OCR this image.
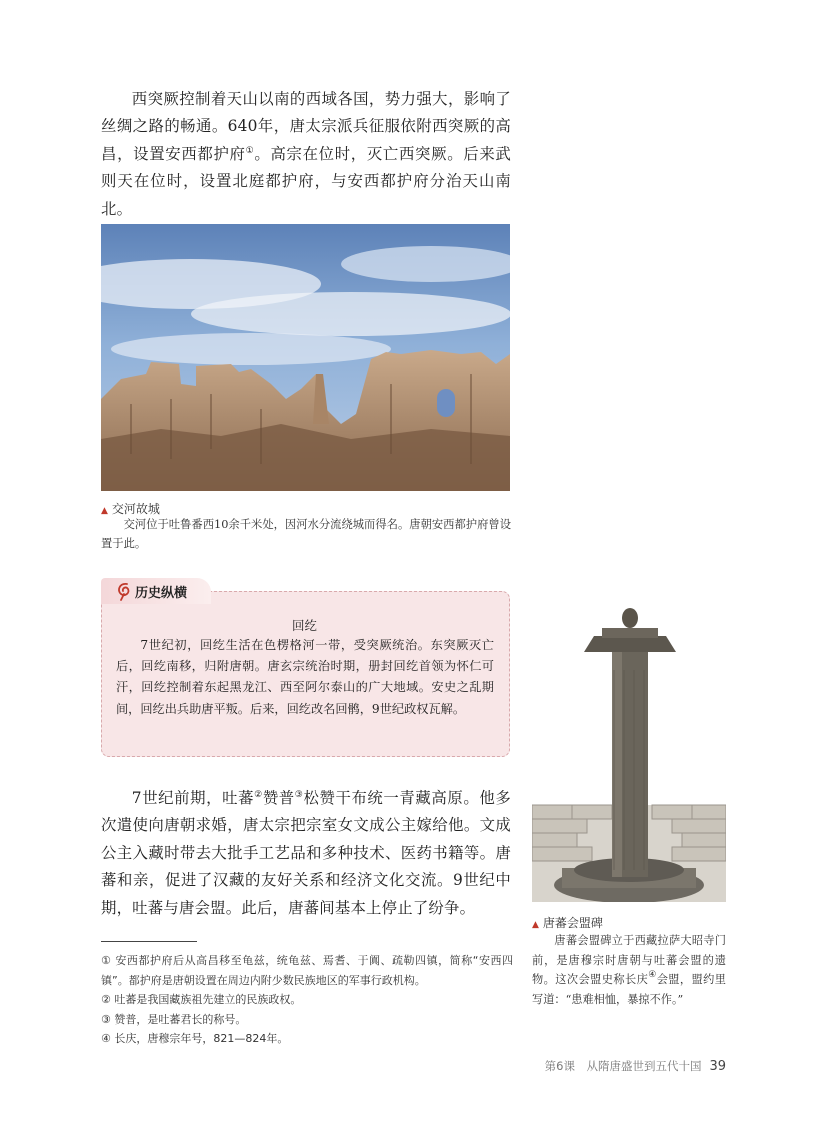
西突厥控制着天山以南的西域各国，势力强大，影响了丝绸之路的畅通。640年，唐太宗派兵征服依附西突厥的高昌，设置安西都护府①。高宗在位时，灭亡西突厥。后来武则天在位时，设置北庭都护府，与安西都护府分治天山南北。
▲ 交河故城
交河位于吐鲁番西10余千米处，因河水分流绕城而得名。唐朝安西都护府曾设置于此。
历史纵横
回纥
7世纪初，回纥生活在色楞格河一带，受突厥统治。东突厥灭亡后，回纥南移，归附唐朝。唐玄宗统治时期，册封回纥首领为怀仁可汗，回纥控制着东起黑龙江、西至阿尔泰山的广大地域。安史之乱期间，回纥出兵助唐平叛。后来，回纥改名回鹘，9世纪政权瓦解。
7世纪前期，吐蕃②赞普③松赞干布统一青藏高原。他多次遣使向唐朝求婚，唐太宗把宗室女文成公主嫁给他。文成公主入藏时带去大批手工艺品和多种技术、医药书籍等。唐蕃和亲，促进了汉藏的友好关系和经济文化交流。9世纪中期，吐蕃与唐会盟。此后，唐蕃间基本上停止了纷争。
① 安西都护府后从高昌移至龟兹，统龟兹、焉耆、于阗、疏勒四镇，简称“安西四镇”。都护府是唐朝设置在周边内附少数民族地区的军事行政机构。
② 吐蕃是我国藏族祖先建立的民族政权。
③ 赞普，是吐蕃君长的称号。
④ 长庆，唐穆宗年号，821—824年。
▲ 唐蕃会盟碑
唐蕃会盟碑立于西藏拉萨大昭寺门前，是唐穆宗时唐朝与吐蕃会盟的遗物。这次会盟史称长庆④会盟，盟约里写道：“患难相恤，暴掠不作。”
第6课　从隋唐盛世到五代十国 39
